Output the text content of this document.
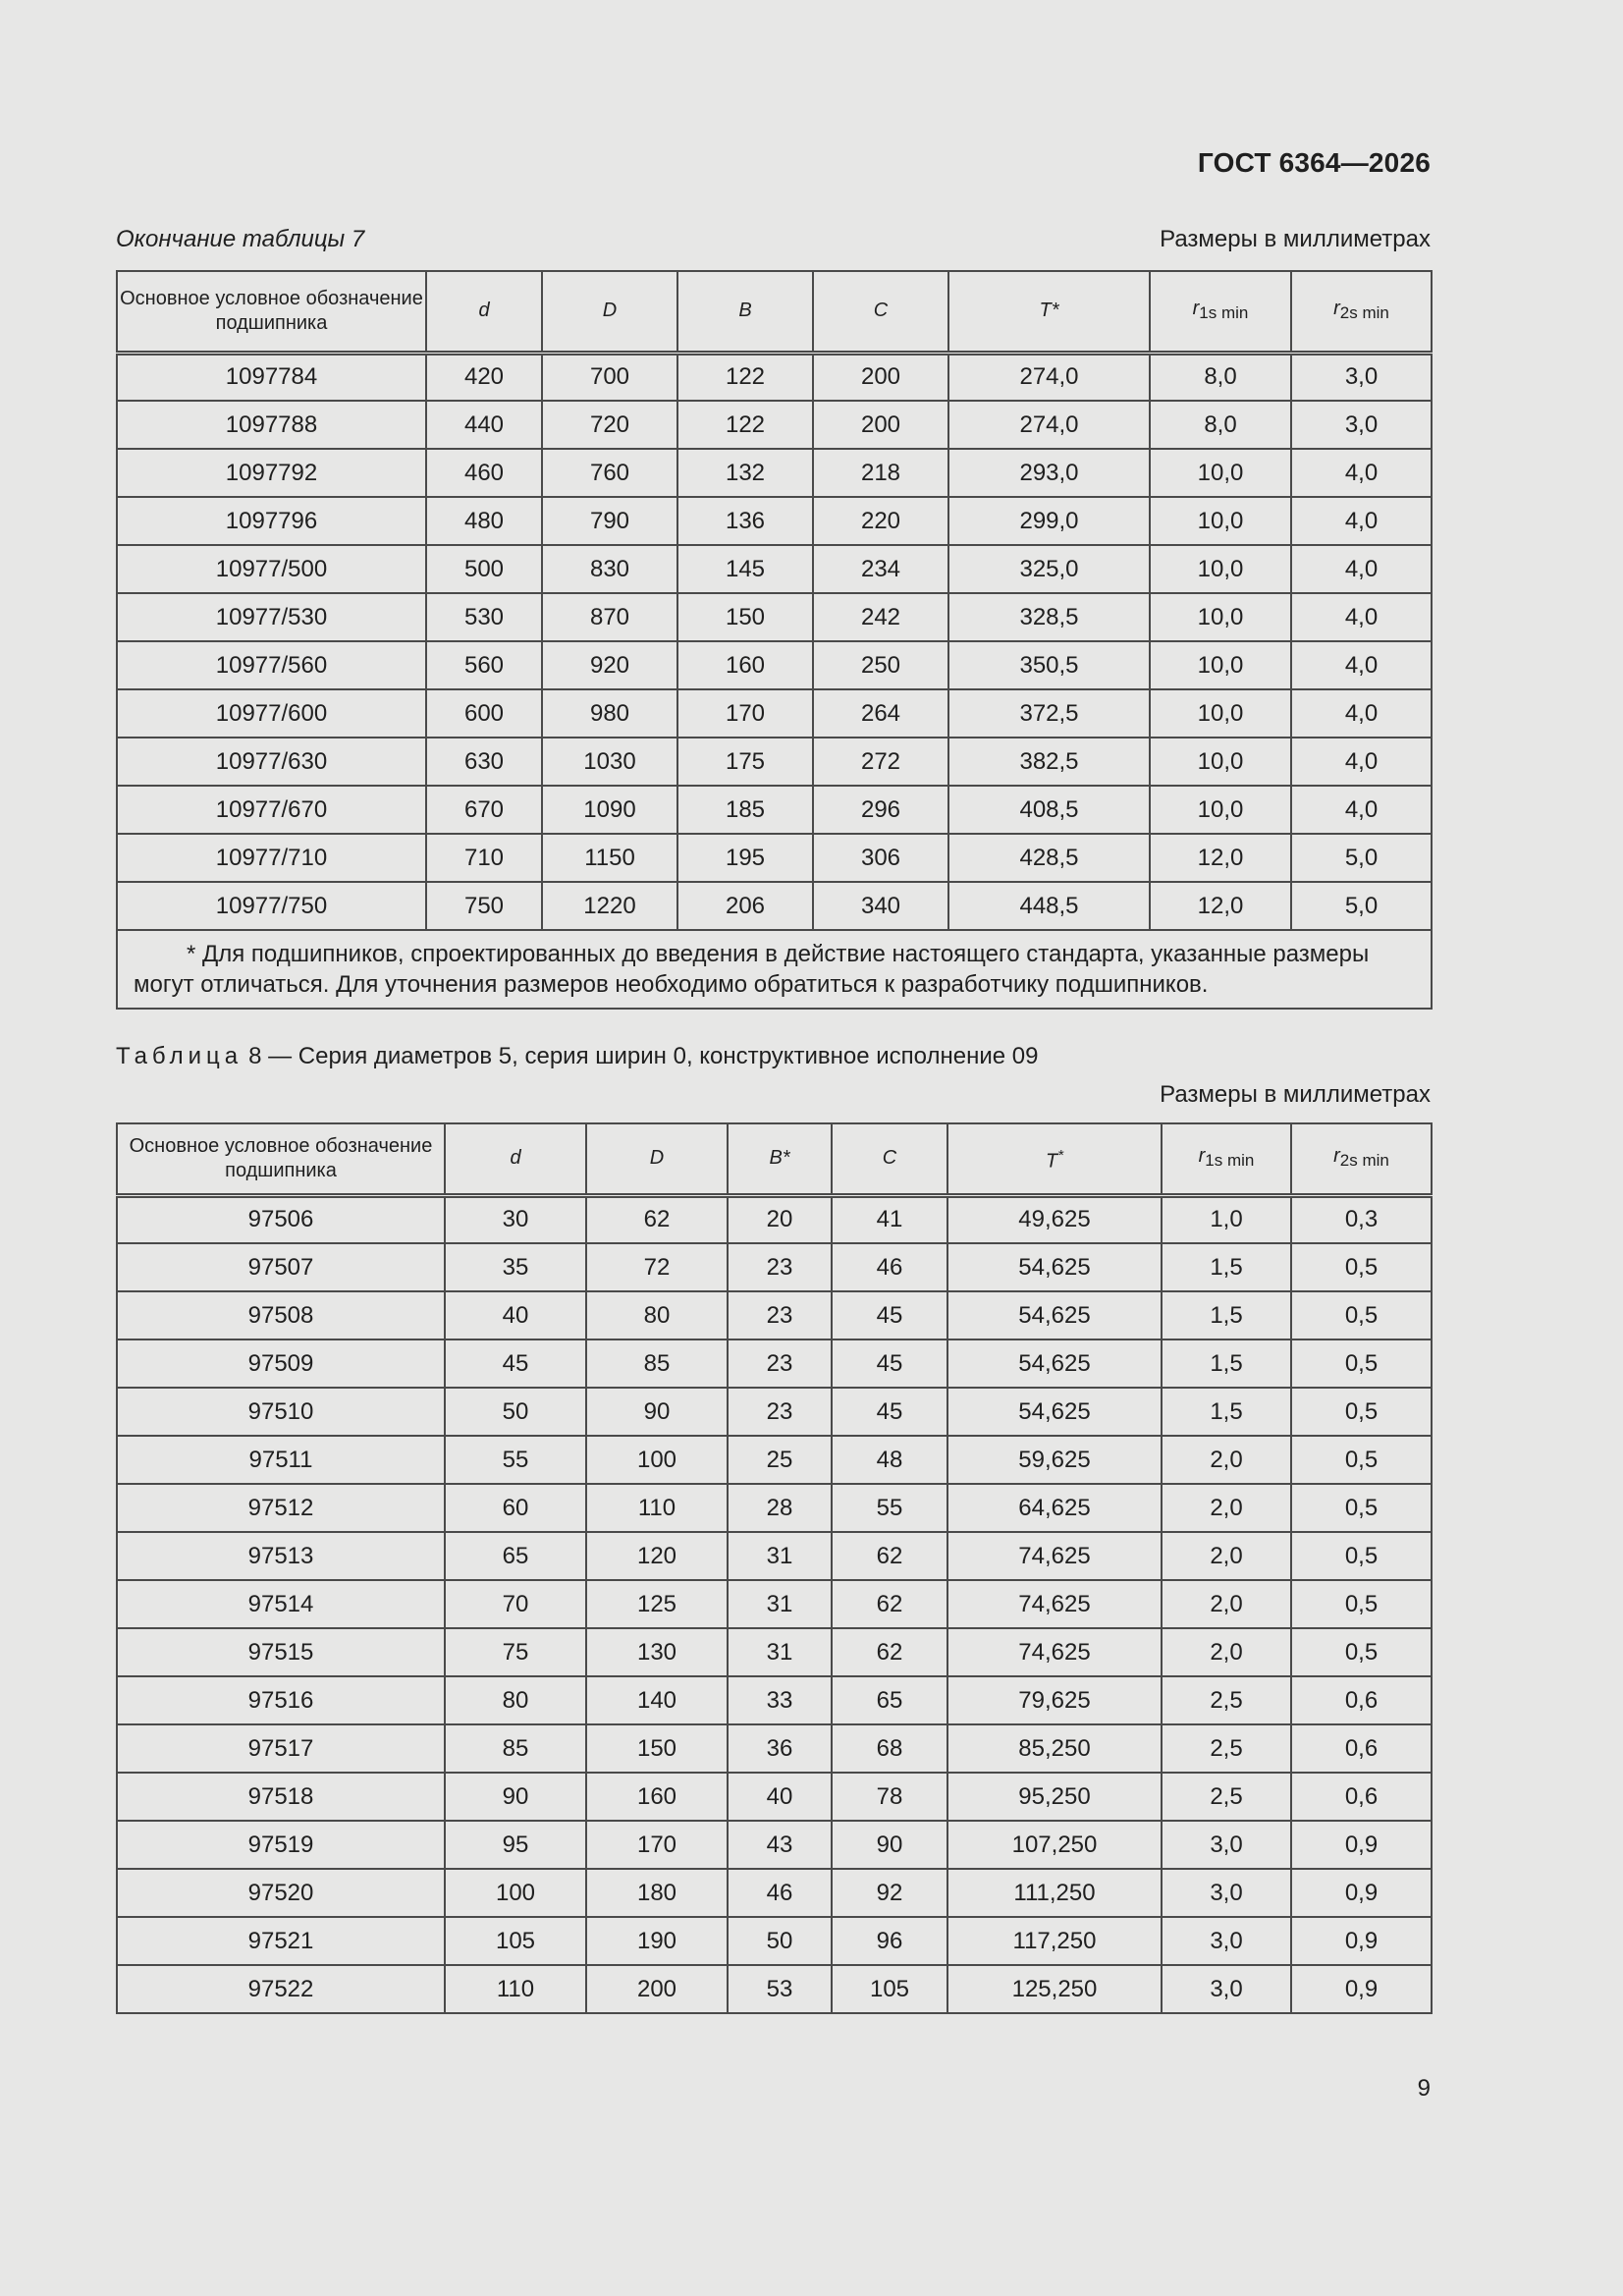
ГОСТ 6364—2026
Окончание таблицы 7	Размеры в миллиметрах
Основное условное обозначение подшипника	d	D	B	C	T*	$r_{1s min}$	$r_{2s min}$
1097784	420	700	122	200	274,0	8,0	3,0
1097788	440	720	122	200	274,0	8,0	3,0
1097792	460	760	132	218	293,0	10,0	4,0
1097796	480	790	136	220	299,0	10,0	4,0
10977/500	500	830	145	234	325,0	10,0	4,0
10977/530	530	870	150	242	328,5	10,0	4,0
10977/560	560	920	160	250	350,5	10,0	4,0
10977/600	600	980	170	264	372,5	10,0	4,0
10977/630	630	1030	175	272	382,5	10,0	4,0
10977/670	670	1090	185	296	408,5	10,0	4,0
10977/710	710	1150	195	306	428,5	12,0	5,0
10977/750	750	1220	206	340	448,5	12,0	5,0
* Для подшипников, спроектированных до введения в действие настоящего стандарта, указанные размеры могут отличаться. Для уточнения размеров необходимо обратиться к разработчику подшипников.							
Таблица 8 — Серия диаметров 5, серия ширин 0, конструктивное исполнение 09
Размеры в миллиметрах
Основное условное обозначение подшипника	d	D	B*	C	T*	$r_{1s min}$	$r_{2s min}$
97506	30	62	20	41	49,625	1,0	0,3
97507	35	72	23	46	54,625	1,5	0,5
97508	40	80	23	45	54,625	1,5	0,5
97509	45	85	23	45	54,625	1,5	0,5
97510	50	90	23	45	54,625	1,5	0,5
97511	55	100	25	48	59,625	2,0	0,5
97512	60	110	28	55	64,625	2,0	0,5
97513	65	120	31	62	74,625	2,0	0,5
97514	70	125	31	62	74,625	2,0	0,5
97515	75	130	31	62	74,625	2,0	0,5
97516	80	140	33	65	79,625	2,5	0,6
97517	85	150	36	68	85,250	2,5	0,6
97518	90	160	40	78	95,250	2,5	0,6
97519	95	170	43	90	107,250	3,0	0,9
97520	100	180	46	92	111,250	3,0	0,9
97521	105	190	50	96	117,250	3,0	0,9
97522	110	200	53	105	125,250	3,0	0,9
9
